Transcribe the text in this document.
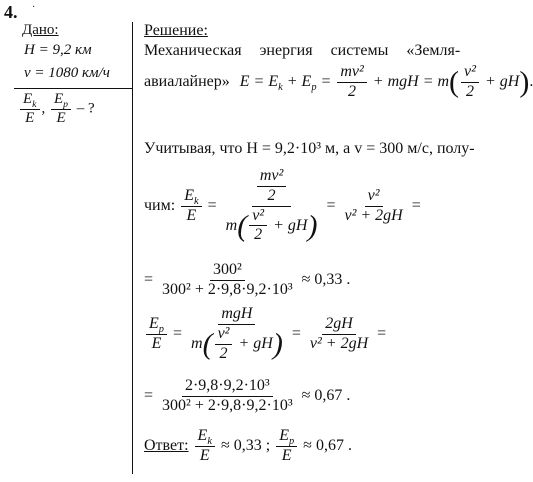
4. ·
Дано:
H = 9,2 км
v = 1080 км/ч
$\frac{E_k}{E}$ , $\frac{E_р}{E}$ – ?
Решение:
Механическая энергия системы «Земля-
авиалайнер» $E = E_k + E_р = \frac{\text{mv²}}{2}$ + mgH = $m( \frac{\text{v²}}{2} + gH)$.
Учитывая, что H = 9,2·10³ м, а v = 300 м/с, полу-
чим: $\frac{E_k}{E} = \frac{\frac{\text{mv²}}{2}}{m( \frac{\text{v²}}{2} + gH)} = \frac{\text{v²}}{\text{v² + 2gH}}$ =
= $\frac{\text{300²}}{\text{300² + 2·9,8·9,2·10³}} \approx 0,33$ .
$\frac{E_р}{E} = \frac{\text{mgH}}{m( \frac{\text{v²}}{2} + gH)} = \frac{2gH}{\text{v² + 2gH}}$ =
= $\frac{\text{2·9,8·9,2·10³}}{\text{300² + 2·9,8·9,2·10³}} \approx 0,67$ .
Ответ: $\frac{E_k}{E} \approx 0,33$ ; $\frac{E_р}{E} \approx 0,67$ .
